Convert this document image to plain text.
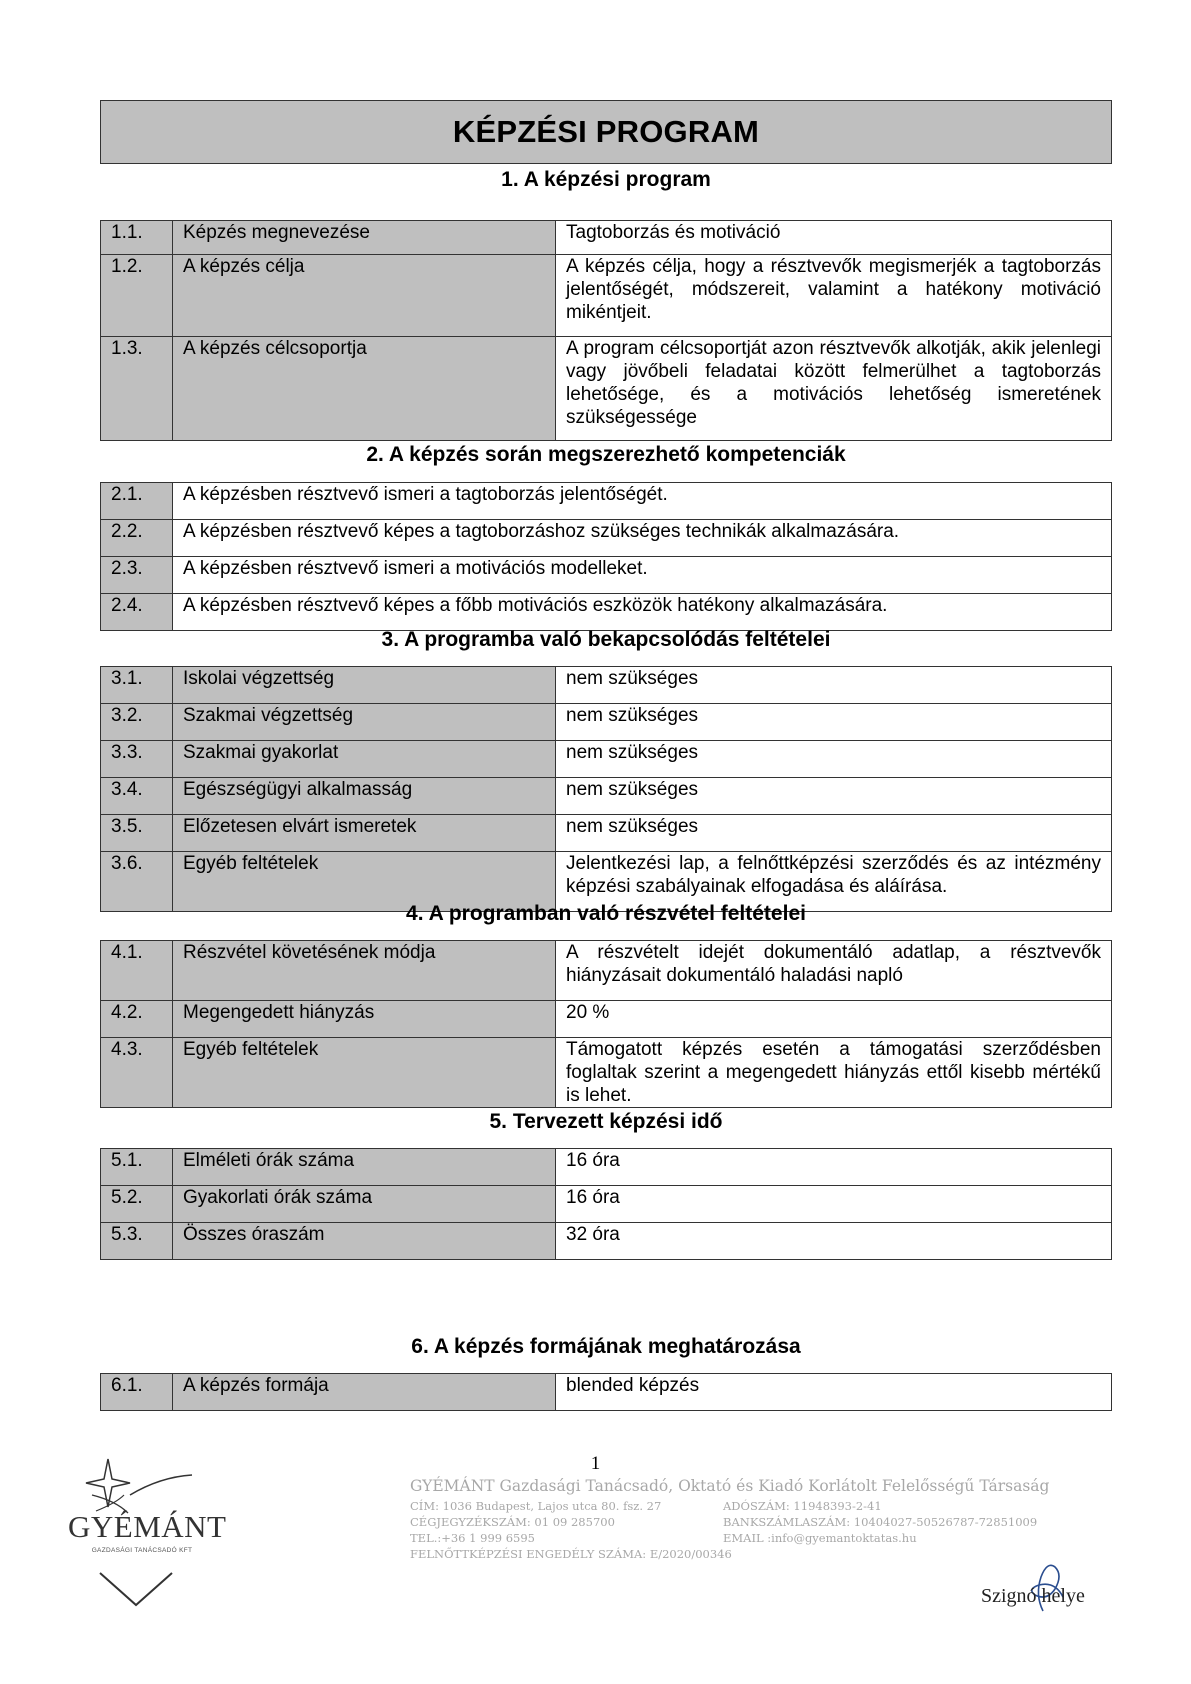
KÉPZÉSI PROGRAM
1. A képzési program
1.1.	Képzés megnevezése	Tagtoborzás és motiváció
1.2.	A képzés célja	A képzés célja, hogy a résztvevők megismerjék a tagtoborzás jelentőségét, módszereit, valamint a hatékony motiváció mikéntjeit.
1.3.	A képzés célcsoportja	A program célcsoportját azon résztvevők alkotják, akik jelenlegi vagy jövőbeli feladatai között felmerülhet a tagtoborzás lehetősége, és a motivációs lehetőség ismeretének szükségessége
2. A képzés során megszerezhető kompetenciák
2.1.	A képzésben résztvevő ismeri a tagtoborzás jelentőségét.
2.2.	A képzésben résztvevő képes a tagtoborzáshoz szükséges technikák alkalmazására.
2.3.	A képzésben résztvevő ismeri a motivációs modelleket.
2.4.	A képzésben résztvevő képes a főbb motivációs eszközök hatékony alkalmazására.
3. A programba való bekapcsolódás feltételei
3.1.	Iskolai végzettség	nem szükséges
3.2.	Szakmai végzettség	nem szükséges
3.3.	Szakmai gyakorlat	nem szükséges
3.4.	Egészségügyi alkalmasság	nem szükséges
3.5.	Előzetesen elvárt ismeretek	nem szükséges
3.6.	Egyéb feltételek	Jelentkezési lap, a felnőttképzési szerződés és az intézmény képzési szabályainak elfogadása és aláírása.
4. A programban való részvétel feltételei
4.1.	Részvétel követésének módja	A részvételt idejét dokumentáló adatlap, a résztvevők hiányzásait dokumentáló haladási napló
4.2.	Megengedett hiányzás	20 %
4.3.	Egyéb feltételek	Támogatott képzés esetén a támogatási szerződésben foglaltak szerint a megengedett hiányzás ettől kisebb mértékű is lehet.
5. Tervezett képzési idő
5.1.	Elméleti órák száma	16 óra
5.2.	Gyakorlati órák száma	16 óra
5.3.	Összes óraszám	32 óra
6. A képzés formájának meghatározása
6.1.	A képzés formája	blended képzés
1
GYÉMÁNT
GAZDASÁGI TANÁCSADÓ KFT
GYÉMÁNT Gazdasági Tanácsadó, Oktató és Kiadó Korlátolt Felelősségű Társaság
CÍM: 1036 Budapest, Lajos utca 80. fsz. 27	ADÓSZÁM: 11948393-2-41
CÉGJEGYZÉKSZÁM: 01 09 285700	BANKSZÁMLASZÁM: 10404027-50526787-72851009
TEL.:+36 1 999 6595	EMAIL :info@gyemantoktatas.hu
FELNŐTTKÉPZÉSI ENGEDÉLY SZÁMA: E/2020/00346
Szignó helye
